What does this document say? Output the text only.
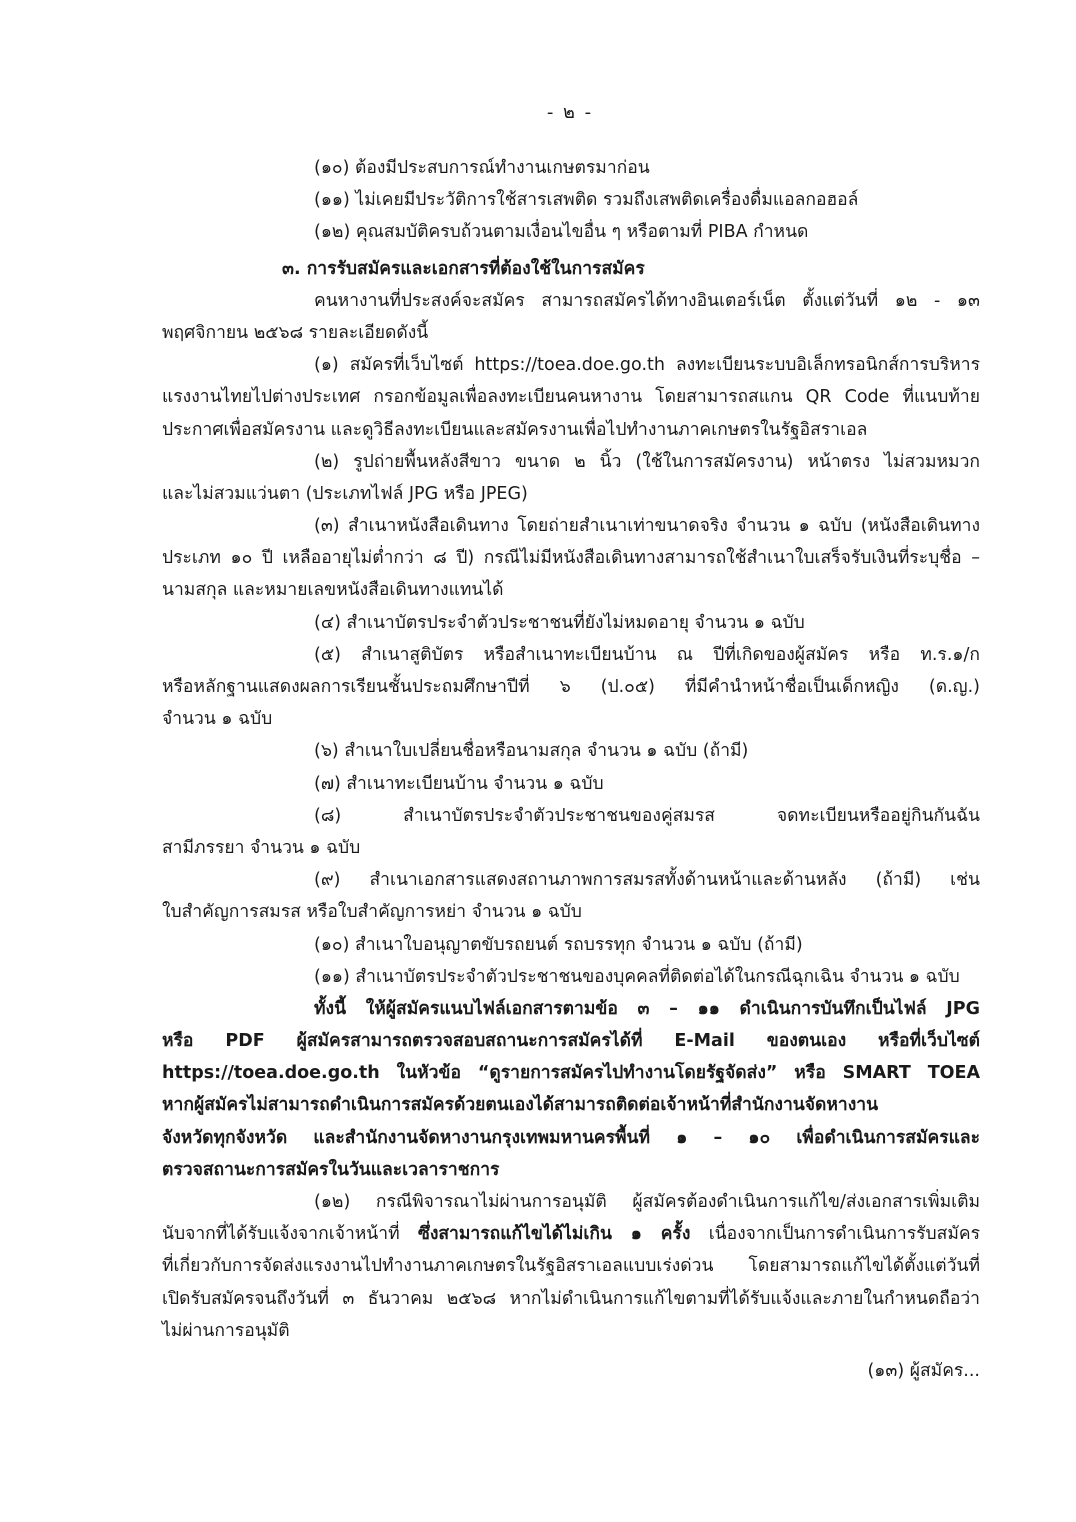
- ๒ -
(๑๐) ต้องมีประสบการณ์ทำงานเกษตรมาก่อน
(๑๑) ไม่เคยมีประวัติการใช้สารเสพติด รวมถึงเสพติดเครื่องดื่มแอลกอฮอล์
(๑๒) คุณสมบัติครบถ้วนตามเงื่อนไขอื่น ๆ หรือตามที่ PIBA กำหนด
๓. การรับสมัครและเอกสารที่ต้องใช้ในการสมัคร
คนหางานที่ประสงค์จะสมัคร สามารถสมัครได้ทางอินเตอร์เน็ต ตั้งแต่วันที่ ๑๒ - ๑๓
พฤศจิกายน ๒๕๖๘ รายละเอียดดังนี้
(๑) สมัครที่เว็บไซต์ https://toea.doe.go.th ลงทะเบียนระบบอิเล็กทรอนิกส์การบริหาร
แรงงานไทยไปต่างประเทศ กรอกข้อมูลเพื่อลงทะเบียนคนหางาน โดยสามารถสแกน QR Code ที่แนบท้าย
ประกาศเพื่อสมัครงาน และดูวิธีลงทะเบียนและสมัครงานเพื่อไปทำงานภาคเกษตรในรัฐอิสราเอล
(๒) รูปถ่ายพื้นหลังสีขาว ขนาด ๒ นิ้ว (ใช้ในการสมัครงาน) หน้าตรง ไม่สวมหมวก
และไม่สวมแว่นตา (ประเภทไฟล์ JPG หรือ JPEG)
(๓) สำเนาหนังสือเดินทาง โดยถ่ายสำเนาเท่าขนาดจริง จำนวน ๑ ฉบับ (หนังสือเดินทาง
ประเภท ๑๐ ปี เหลืออายุไม่ต่ำกว่า ๘ ปี) กรณีไม่มีหนังสือเดินทางสามารถใช้สำเนาใบเสร็จรับเงินที่ระบุชื่อ –
นามสกุล และหมายเลขหนังสือเดินทางแทนได้
(๔) สำเนาบัตรประจำตัวประชาชนที่ยังไม่หมดอายุ จำนวน ๑ ฉบับ
(๕) สำเนาสูติบัตร หรือสำเนาทะเบียนบ้าน ณ ปีที่เกิดของผู้สมัคร หรือ ท.ร.๑/ก
หรือหลักฐานแสดงผลการเรียนชั้นประถมศึกษาปีที่ ๖ (ป.๐๕) ที่มีคำนำหน้าชื่อเป็นเด็กหญิง (ด.ญ.)
จำนวน ๑ ฉบับ
(๖) สำเนาใบเปลี่ยนชื่อหรือนามสกุล จำนวน ๑ ฉบับ (ถ้ามี)
(๗) สำเนาทะเบียนบ้าน จำนวน ๑ ฉบับ
(๘) สำเนาบัตรประจำตัวประชาชนของคู่สมรส จดทะเบียนหรืออยู่กินกันฉัน
สามีภรรยา จำนวน ๑ ฉบับ
(๙) สำเนาเอกสารแสดงสถานภาพการสมรสทั้งด้านหน้าและด้านหลัง (ถ้ามี) เช่น
ใบสำคัญการสมรส หรือใบสำคัญการหย่า จำนวน ๑ ฉบับ
(๑๐) สำเนาใบอนุญาตขับรถยนต์ รถบรรทุก จำนวน ๑ ฉบับ (ถ้ามี)
(๑๑) สำเนาบัตรประจำตัวประชาชนของบุคคลที่ติดต่อได้ในกรณีฉุกเฉิน จำนวน ๑ ฉบับ
ทั้งนี้ ให้ผู้สมัครแนบไฟล์เอกสารตามข้อ ๓ – ๑๑ ดำเนินการบันทึกเป็นไฟล์ JPG
หรือ PDF ผู้สมัครสามารถตรวจสอบสถานะการสมัครได้ที่ E-Mail ของตนเอง หรือที่เว็บไซต์
https://toea.doe.go.th ในหัวข้อ “ดูรายการสมัครไปทำงานโดยรัฐจัดส่ง” หรือ SMART TOEA
หากผู้สมัครไม่สามารถดำเนินการสมัครด้วยตนเองได้สามารถติดต่อเจ้าหน้าที่สำนักงานจัดหางาน
จังหวัดทุกจังหวัด และสำนักงานจัดหางานกรุงเทพมหานครพื้นที่ ๑ – ๑๐ เพื่อดำเนินการสมัครและ
ตรวจสถานะการสมัครในวันและเวลาราชการ
(๑๒) กรณีพิจารณาไม่ผ่านการอนุมัติ ผู้สมัครต้องดำเนินการแก้ไข/ส่งเอกสารเพิ่มเติม
นับจากที่ได้รับแจ้งจากเจ้าหน้าที่ ซึ่งสามารถแก้ไขได้ไม่เกิน ๑ ครั้ง เนื่องจากเป็นการดำเนินการรับสมัคร
ที่เกี่ยวกับการจัดส่งแรงงานไปทำงานภาคเกษตรในรัฐอิสราเอลแบบเร่งด่วน โดยสามารถแก้ไขได้ตั้งแต่วันที่
เปิดรับสมัครจนถึงวันที่ ๓ ธันวาคม ๒๕๖๘ หากไม่ดำเนินการแก้ไขตามที่ได้รับแจ้งและภายในกำหนดถือว่า
ไม่ผ่านการอนุมัติ
(๑๓) ผู้สมัคร...
